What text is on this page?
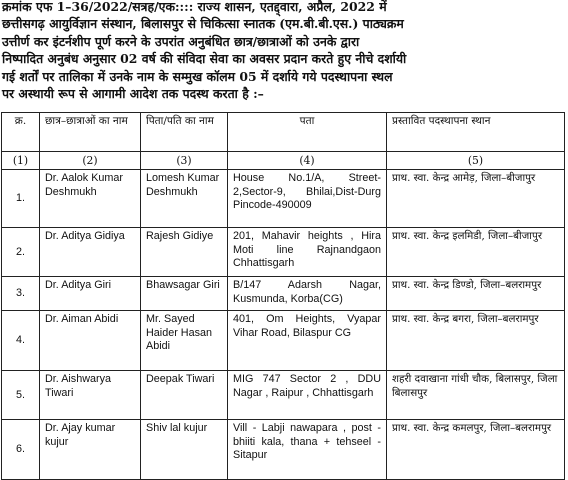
क्रमांक एफ 1–36/2022/सत्रह/एक:::: राज्य शासन, एतद्द्वारा, अप्रैल, 2022 में
छत्तीसगढ़ आयुर्विज्ञान संस्थान, बिलासपुर से चिकित्सा स्नातक (एम.बी.बी.एस.) पाठ्यक्रम
उत्तीर्ण कर इंटर्नशीप पूर्ण करने के उपरांत अनुबंधित छात्र/छात्राओं को उनके द्वारा
निष्पादित अनुबंध अनुसार 02 वर्ष की संविदा सेवा का अवसर प्रदान करते हुए नीचे दर्शायी
गई शर्तों पर तालिका में उनके नाम के सम्मुख कॉलम 05 में दर्शाये गये पदस्थापना स्थल
पर अस्थायी रूप से आगामी आदेश तक पदस्थ करता है :–
क्र.	छात्र–छात्राओं का नाम	पिता/पति का नाम	पता	प्रस्तावित पदस्थापना स्थान
(1)	(2)	(3)	(4)	(5)
1.	Dr. Aalok Kumar Deshmukh	Lomesh Kumar Deshmukh	House No.1/A, Street-2,Sector-9, Bhilai,Dist-Durg Pincode-490009	प्राथ. स्वा. केन्द्र आमेड़, जिला–बीजापुर
2.	Dr. Aditya Gidiya	Rajesh Gidiye	201, Mahavir heights , Hira Moti line Rajnandgaon Chhattisgarh	प्राथ. स्वा. केन्द्र इलमिडी, जिला–बीजापुर
3.	Dr. Aditya Giri	Bhawsagar Giri	B/147 Adarsh Nagar, Kusmunda, Korba(CG)	प्राथ. स्वा. केन्द्र डिण्डो, जिला–बलरामपुर
4.	Dr. Aiman Abidi	Mr. Sayed Haider Hasan Abidi	401, Om Heights, Vyapar Vihar Road, Bilaspur CG	प्राथ. स्वा. केन्द्र बगरा, जिला–बलरामपुर
5.	Dr. Aishwarya Tiwari	Deepak Tiwari	MIG 747 Sector 2 , DDU Nagar , Raipur , Chhattisgarh	शहरी दवाखाना गांधी चौक, बिलासपुर, जिला बिलासपुर
6.	Dr. Ajay kumar kujur	Shiv lal kujur	Vill - Labji nawapara , post - bhiiti kala, thana + tehseel - Sitapur	प्राथ. स्वा. केन्द्र कमलपुर, जिला–बलरामपुर
